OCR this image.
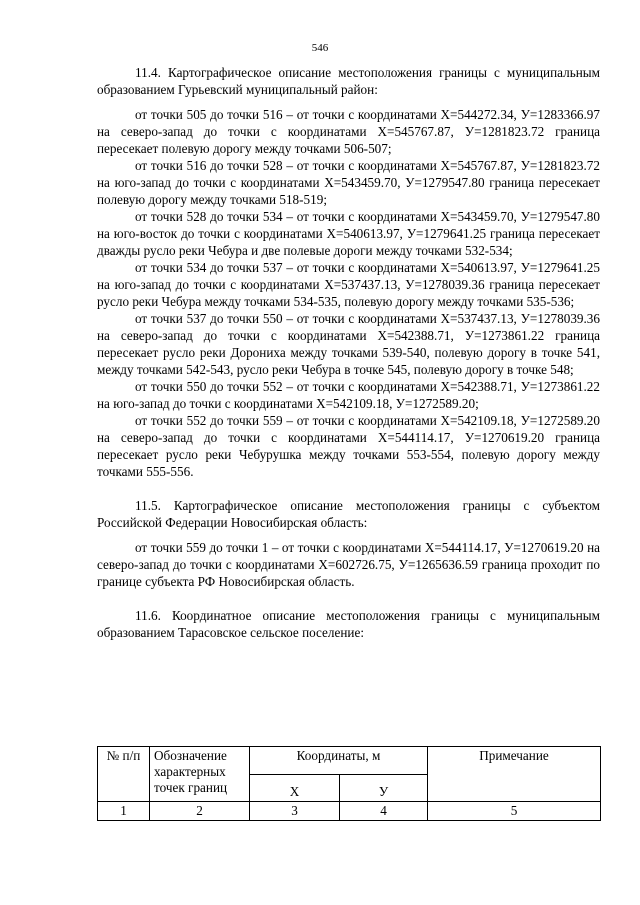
546

11.4. Картографическое описание местоположения границы с муниципальным образованием Гурьевский муниципальный район:

от точки 505 до точки 516 – от точки с координатами Х=544272.34, У=1283366.97 на северо-запад до точки с координатами Х=545767.87, У=1281823.72 граница пересекает полевую дорогу между точками 506-507;

от точки 516 до точки 528 – от точки с координатами Х=545767.87, У=1281823.72 на юго-запад до точки с координатами Х=543459.70, У=1279547.80 граница пересекает полевую дорогу между точками 518-519;

от точки 528 до точки 534 – от точки с координатами Х=543459.70, У=1279547.80 на юго-восток до точки с координатами Х=540613.97, У=1279641.25 граница пересекает дважды русло реки Чебура и две полевые дороги между точками 532-534;

от точки 534 до точки 537 – от точки с координатами Х=540613.97, У=1279641.25 на юго-запад до точки с координатами Х=537437.13, У=1278039.36 граница пересекает русло реки Чебура между точками 534-535, полевую дорогу между точками 535-536;

от точки 537 до точки 550 – от точки с координатами Х=537437.13, У=1278039.36 на северо-запад до точки с координатами Х=542388.71, У=1273861.22 граница пересекает русло реки Дорониха между точками 539-540, полевую дорогу в точке 541, между точками 542-543, русло реки Чебура в точке 545, полевую дорогу в точке 548;

от точки 550 до точки 552 – от точки с координатами Х=542388.71, У=1273861.22 на юго-запад до точки с координатами Х=542109.18, У=1272589.20;

от точки 552 до точки 559 – от точки с координатами Х=542109.18, У=1272589.20 на северо-запад до точки с координатами Х=544114.17, У=1270619.20 граница пересекает русло реки Чебурушка между точками 553-554, полевую дорогу между точками 555-556.

11.5. Картографическое описание местоположения границы с субъектом Российской Федерации Новосибирская область:

от точки 559 до точки 1 – от точки с координатами Х=544114.17, У=1270619.20 на северо-запад до точки с координатами Х=602726.75, У=1265636.59 граница проходит по границе субъекта РФ Новосибирская область.

11.6. Координатное описание местоположения границы с муниципальным образованием Тарасовское сельское поселение:

№ п/п	Обозначение характерных точек границ	Координаты, м		Примечание
		Х	У	
1	2	3	4	5
